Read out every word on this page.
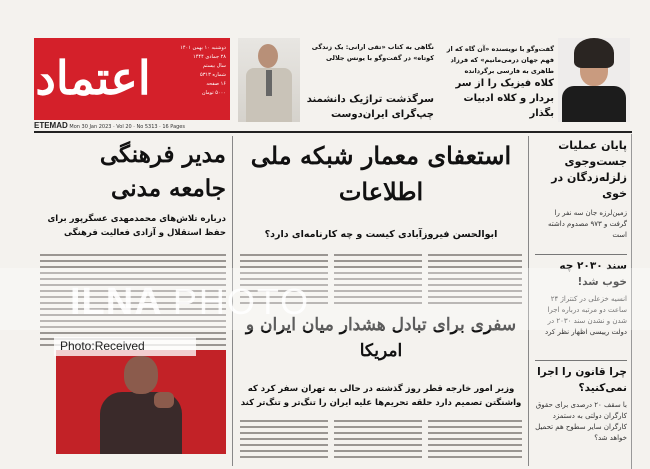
اعتماد
دوشنبه ۱۰ بهمن ۱۴۰۱
۲۸ جمادی ۱۴۴۴
سال بیستم
شماره ۵۳۱۳
۱۶ صفحه
۵۰۰۰ تومان
ETEMAD Mon 30 Jan 2023 · Vol 20 · No 5313 · 16 Pages
نگاهی به کتاب «تقی ارانی: یک زندگی کوتاه» در گفت‌وگو با یونس جلالی
سرگذشت تراژیک دانشمند چپ‌گرای ایران‌دوست
گفت‌وگو با نویسنده «آن گاه که از فهم جهان درمی‌مانیم» که فرزاد طاهری به فارسی برگردانده
کلاه فیزیک را از سر بردار و کلاه ادبیات بگذار
مدیر فرهنگی جامعه مدنی
درباره تلاش‌های محمدمهدی عسگرپور برای حفظ استقلال و آزادی فعالیت فرهنگی
استعفای معمار شبکه ملی اطلاعات
ابوالحسن فیروزآبادی کیست و چه کارنامه‌ای دارد؟
سفری برای تبادل هشدار میان ایران و امریکا
وزیر امور خارجه قطر روز گذشته در حالی به تهران سفر کرد که واشنگتن تصمیم دارد حلقه تحریم‌ها علیه ایران را تنگ‌تر و تنگ‌تر کند
پایان عملیات جست‌وجوی زلزله‌زدگان در خوی
زمین‌لرزه جان سه نفر را گرفت و ۹۷۳ مصدوم داشته است
سند ۲۰۳۰ چه خوب شد!
انسیه خزعلی در کنتراژ ۲۴ ساعت دو مرتبه درباره اجرا شدن و نشدن سند ۲۰۳۰ در دولت رییسی اظهار نظر کرد
چرا قانون را اجرا نمی‌کنید؟
با سقف ۲۰ درصدی برای حقوق کارگران دولتی به دستمزد کارگران سایر سطوح هم تحمیل خواهد شد؟
ILNA PHOTO
Photo:Received
